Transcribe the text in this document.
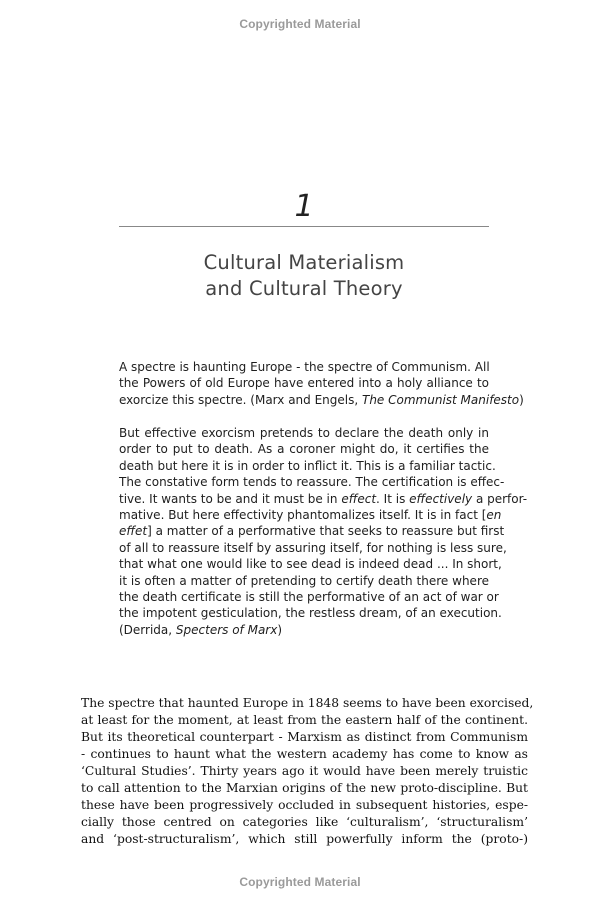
Copyrighted Material
1
Cultural Materialism
and Cultural Theory
A spectre is haunting Europe - the spectre of Communism. All
the Powers of old Europe have entered into a holy alliance to
exorcize this spectre. (Marx and Engels, The Communist Manifesto)
But effective exorcism pretends to declare the death only in
order to put to death. As a coroner might do, it certifies the
death but here it is in order to inflict it. This is a familiar tactic.
The constative form tends to reassure. The certification is effec-
tive. It wants to be and it must be in effect. It is effectively a perfor-
mative. But here effectivity phantomalizes itself. It is in fact [en
effet] a matter of a performative that seeks to reassure but first
of all to reassure itself by assuring itself, for nothing is less sure,
that what one would like to see dead is indeed dead ... In short,
it is often a matter of pretending to certify death there where
the death certificate is still the performative of an act of war or
the impotent gesticulation, the restless dream, of an execution.
(Derrida, Specters of Marx)
The spectre that haunted Europe in 1848 seems to have been exorcised,
at least for the moment, at least from the eastern half of the continent.
But its theoretical counterpart - Marxism as distinct from Communism
- continues to haunt what the western academy has come to know as
‘Cultural Studies’. Thirty years ago it would have been merely truistic
to call attention to the Marxian origins of the new proto-discipline. But
these have been progressively occluded in subsequent histories, espe-
cially those centred on categories like ‘culturalism’, ‘structuralism’
and ‘post-structuralism’, which still powerfully inform the (proto-)
Copyrighted Material
